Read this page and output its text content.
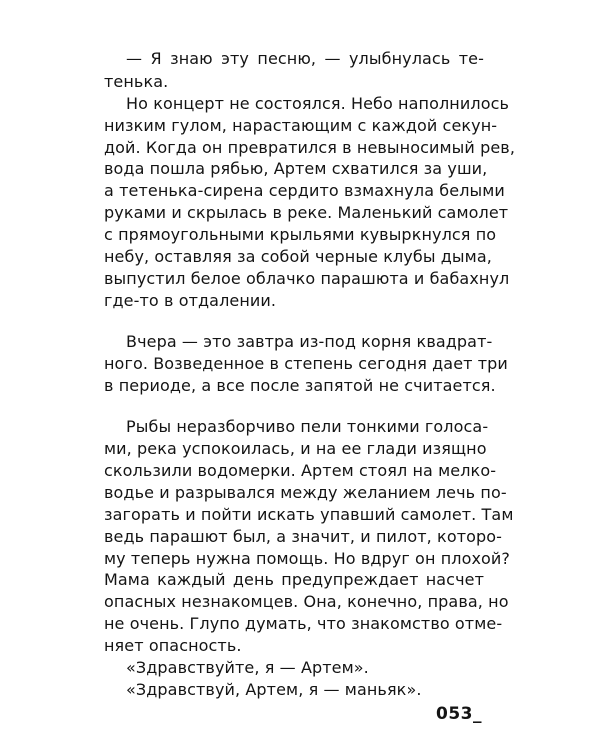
— Я знаю эту песню, — улыбнулась те-

тенька.

Но концерт не состоялся. Небо наполнилось

низким гулом, нарастающим с каждой секун-

дой. Когда он превратился в невыносимый рев,

вода пошла рябью, Артем схватился за уши,

а тетенька-сирена сердито взмахнула белыми

руками и скрылась в реке. Маленький самолет

с прямоугольными крыльями кувыркнулся по

небу, оставляя за собой черные клубы дыма,

выпустил белое облачко парашюта и бабахнул

где-то в отдалении.

Вчера — это завтра из-под корня квадрат-

ного. Возведенное в степень сегодня дает три

в периоде, а все после запятой не считается.

Рыбы неразборчиво пели тонкими голоса-

ми, река успокоилась, и на ее глади изящно

скользили водомерки. Артем стоял на мелко-

водье и разрывался между желанием лечь по-

загорать и пойти искать упавший самолет. Там

ведь парашют был, а значит, и пилот, которо-

му теперь нужна помощь. Но вдруг он плохой?

Мама каждый день предупреждает насчет

опасных незнакомцев. Она, конечно, права, но

не очень. Глупо думать, что знакомство отме-

няет опасность.

«Здравствуйте, я — Артем».

«Здравствуй, Артем, я — маньяк».

053_
